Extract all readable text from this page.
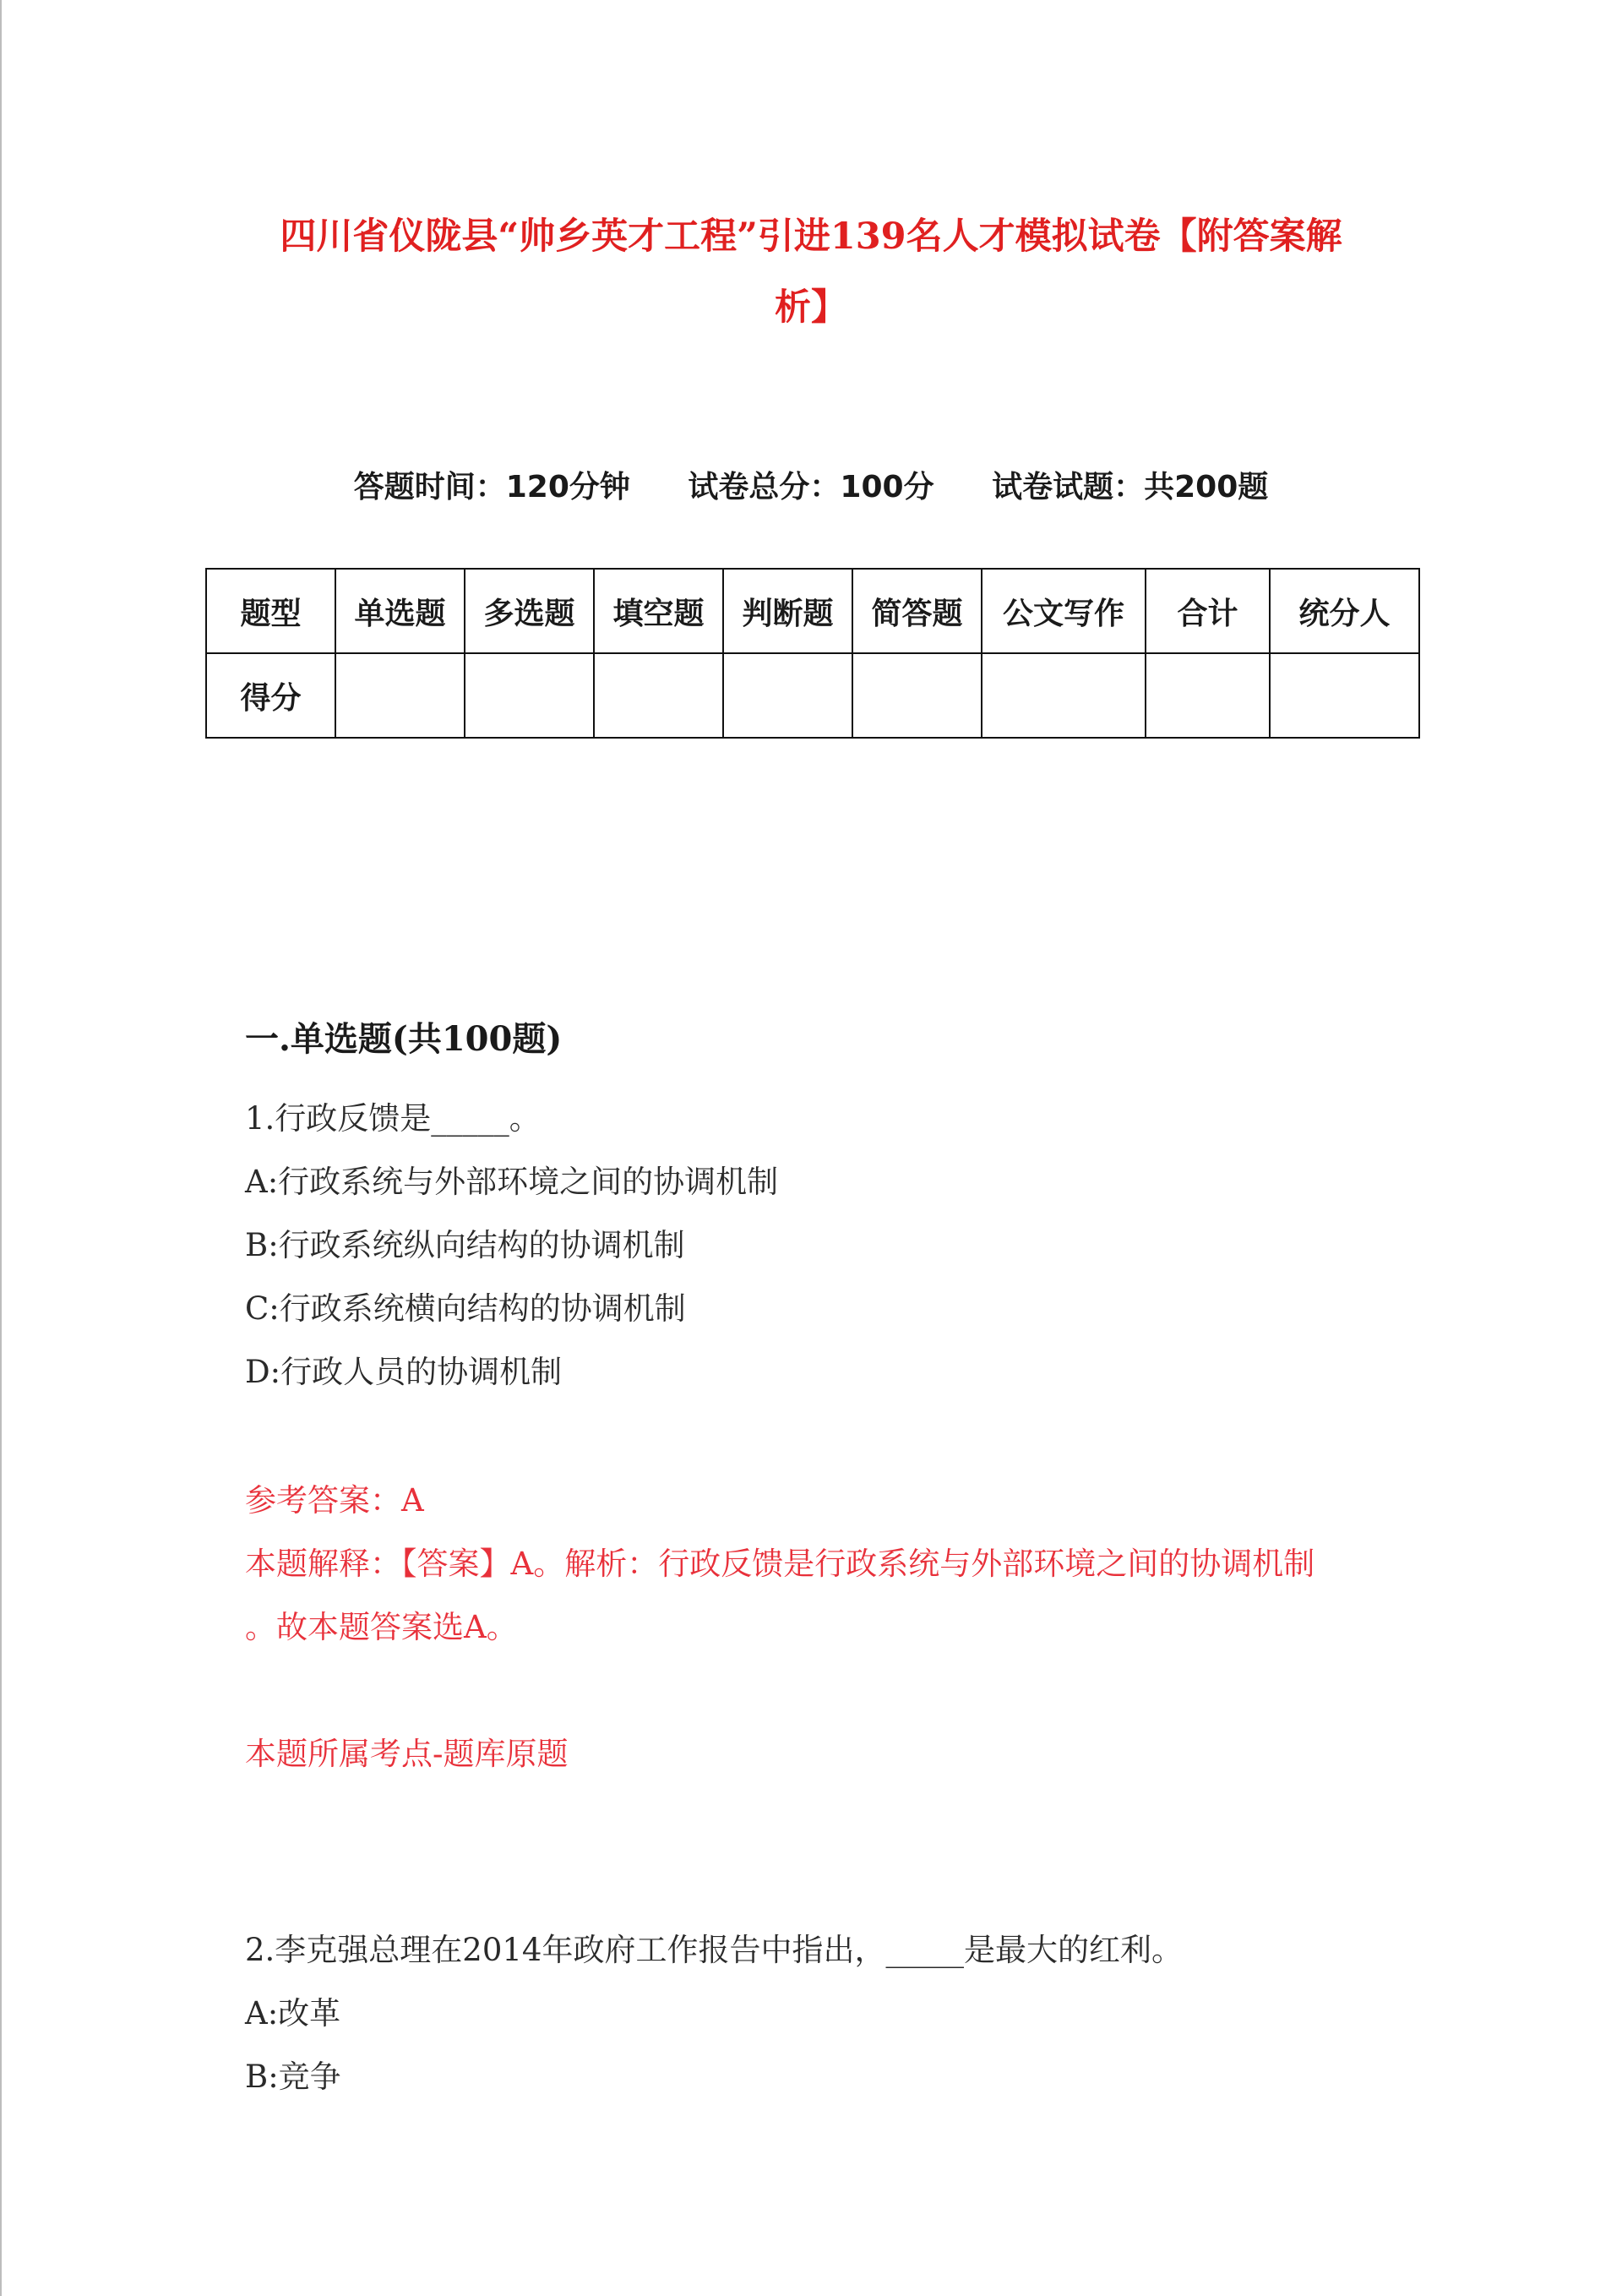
四川省仪陇县“帅乡英才工程”引进139名人才模拟试卷【附答案解
析】
答题时间：120分钟 试卷总分：100分 试卷试题：共200题
题型	单选题	多选题	填空题	判断题	简答题	公文写作	合计	统分人
得分								
一.单选题(共100题)
1.行政反馈是_____。
A:行政系统与外部环境之间的协调机制
B:行政系统纵向结构的协调机制
C:行政系统横向结构的协调机制
D:行政人员的协调机制
参考答案：A
本题解释：【答案】A。解析：行政反馈是行政系统与外部环境之间的协调机制
。故本题答案选A。
本题所属考点-题库原题
2.李克强总理在2014年政府工作报告中指出，_____是最大的红利。
A:改革
B:竞争
